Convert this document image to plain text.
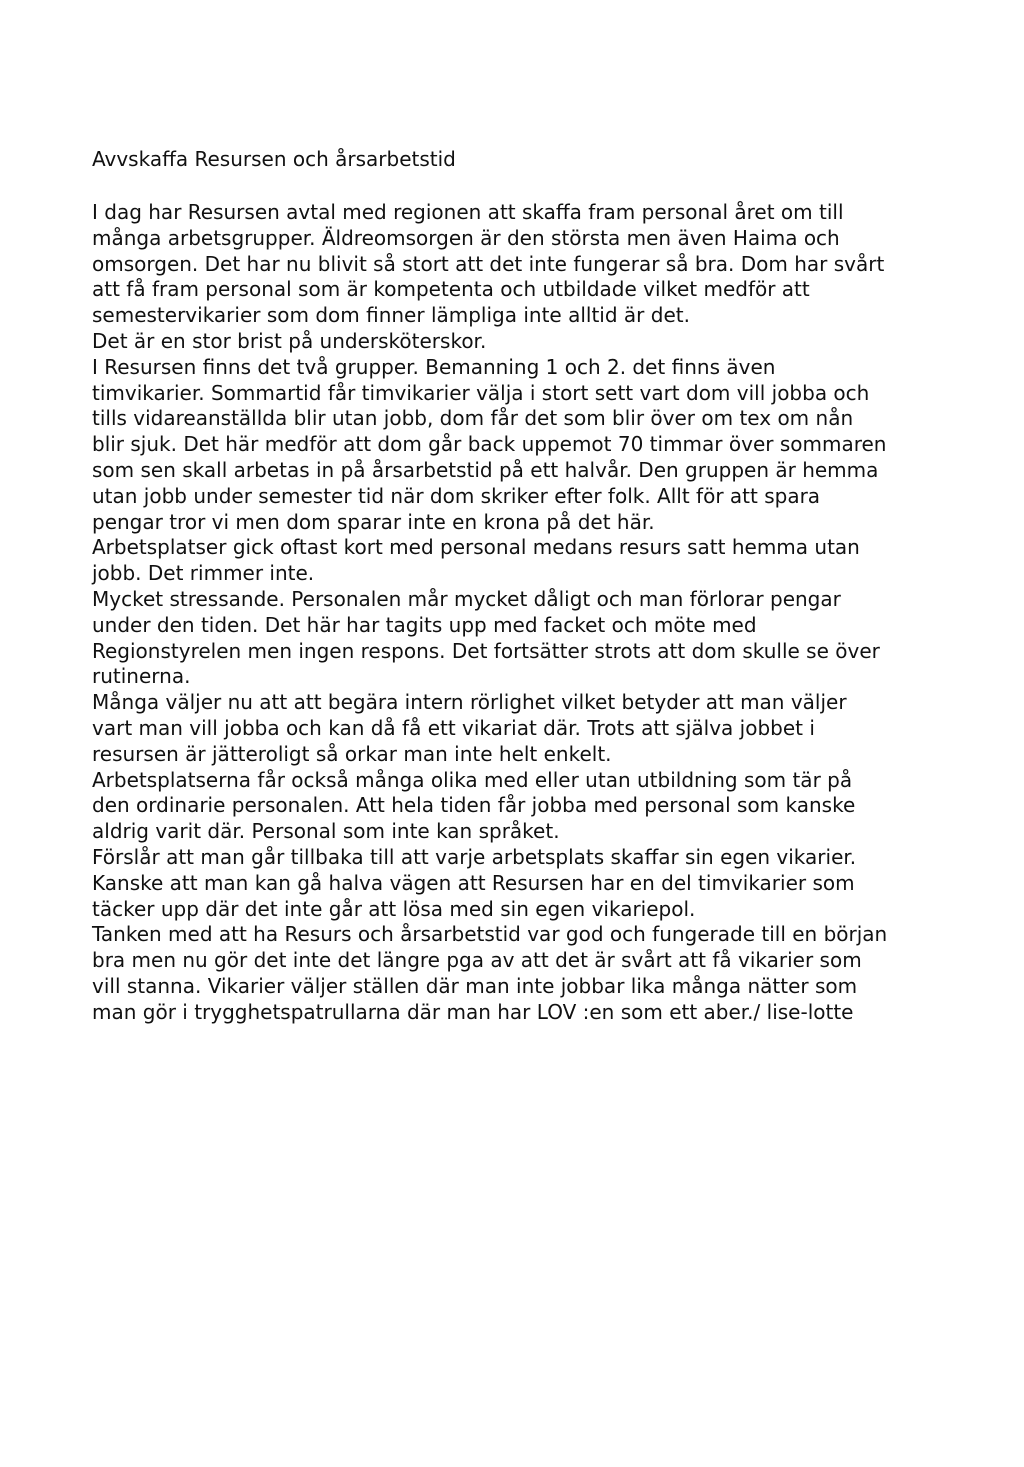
Avvskaffa Resursen och årsarbetstid
I dag har Resursen avtal med regionen att skaffa fram personal året om till
många arbetsgrupper. Äldreomsorgen är den största men även Haima och
omsorgen. Det har nu blivit så stort att det inte fungerar så bra. Dom har svårt
att få fram personal som är kompetenta och utbildade vilket medför att
semestervikarier som dom finner lämpliga inte alltid är det.
Det är en stor brist på undersköterskor.
I Resursen finns det två grupper. Bemanning 1 och 2. det finns även
timvikarier. Sommartid får timvikarier välja i stort sett vart dom vill jobba och
tills vidareanställda blir utan jobb, dom får det som blir över om tex om nån
blir sjuk. Det här medför att dom går back uppemot 70 timmar över sommaren
som sen skall arbetas in på årsarbetstid på ett halvår. Den gruppen är hemma
utan jobb under semester tid när dom skriker efter folk. Allt för att spara
pengar tror vi men dom sparar inte en krona på det här.
Arbetsplatser gick oftast kort med personal medans resurs satt hemma utan
jobb. Det rimmer inte.
Mycket stressande. Personalen mår mycket dåligt och man förlorar pengar
under den tiden. Det här har tagits upp med facket och möte med
Regionstyrelen men ingen respons. Det fortsätter strots att dom skulle se över
rutinerna.
Många väljer nu att att begära intern rörlighet vilket betyder att man väljer
vart man vill jobba och kan då få ett vikariat där. Trots att själva jobbet i
resursen är jätteroligt så orkar man inte helt enkelt.
Arbetsplatserna får också många olika med eller utan utbildning som tär på
den ordinarie personalen. Att hela tiden får jobba med personal som kanske
aldrig varit där. Personal som inte kan språket.
Förslår att man går tillbaka till att varje arbetsplats skaffar sin egen vikarier.
Kanske att man kan gå halva vägen att Resursen har en del timvikarier som
täcker upp där det inte går att lösa med sin egen vikariepol.
Tanken med att ha Resurs och årsarbetstid var god och fungerade till en början
bra men nu gör det inte det längre pga av att det är svårt att få vikarier som
vill stanna. Vikarier väljer ställen där man inte jobbar lika många nätter som
man gör i trygghetspatrullarna där man har LOV :en som ett aber./ lise-lotte
